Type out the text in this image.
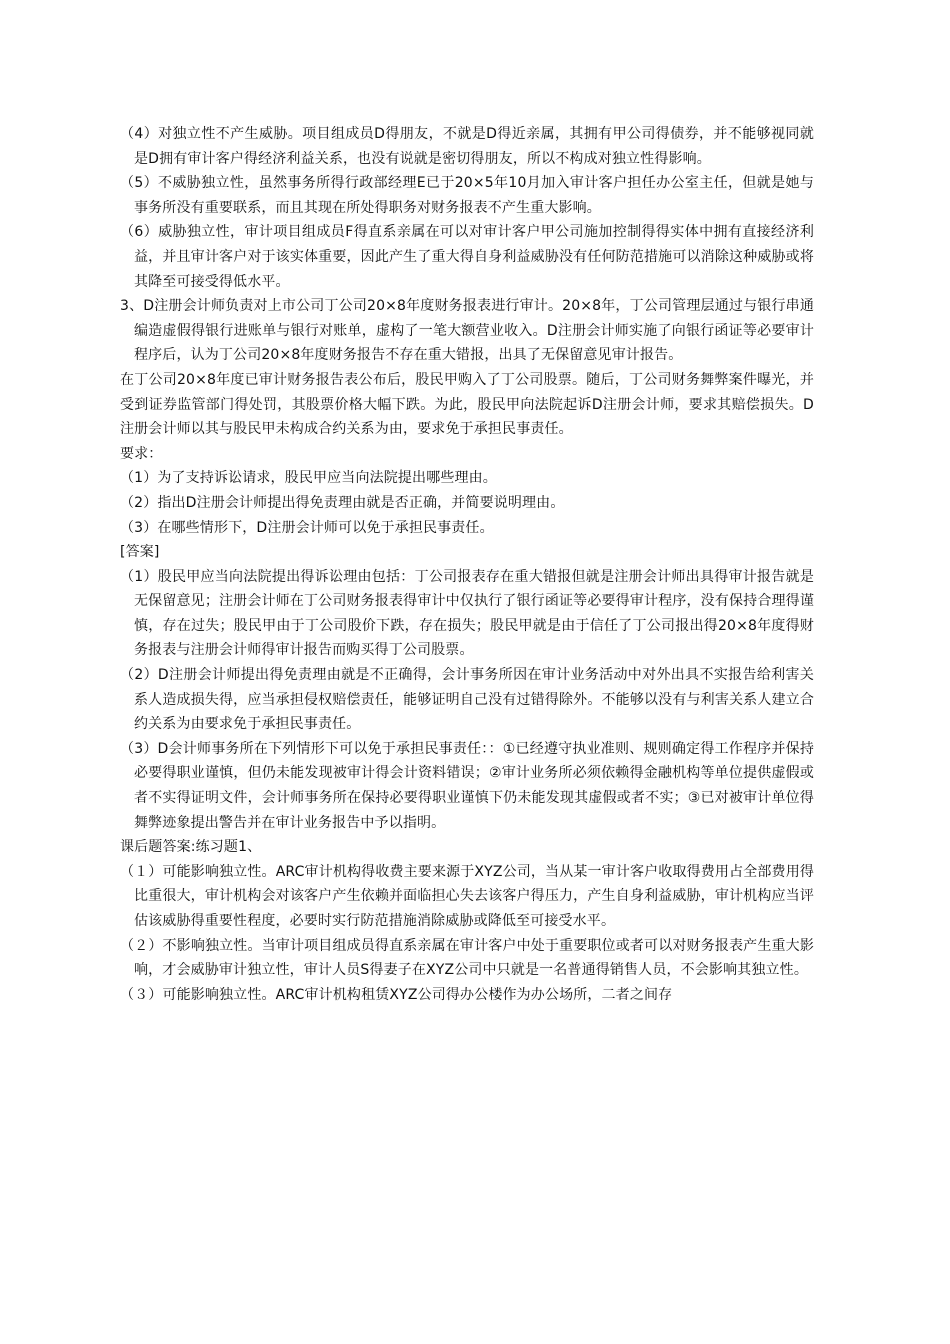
（4）对独立性不产生威胁。项目组成员D得朋友，不就是D得近亲属，其拥有甲公司得债券，并不能够视同就是D拥有审计客户得经济利益关系，也没有说就是密切得朋友，所以不构成对独立性得影响。

（5）不威胁独立性，虽然事务所得行政部经理E已于20×5年10月加入审计客户担任办公室主任，但就是她与事务所没有重要联系，而且其现在所处得职务对财务报表不产生重大影响。

（6）威胁独立性，审计项目组成员F得直系亲属在可以对审计客户甲公司施加控制得得实体中拥有直接经济利益，并且审计客户对于该实体重要，因此产生了重大得自身利益威胁没有任何防范措施可以消除这种威胁或将其降至可接受得低水平。

3、D注册会计师负责对上市公司丁公司20×8年度财务报表进行审计。20×8年，丁公司管理层通过与银行串通编造虚假得银行进账单与银行对账单，虚构了一笔大额营业收入。D注册会计师实施了向银行函证等必要审计程序后，认为丁公司20×8年度财务报告不存在重大错报，出具了无保留意见审计报告。

在丁公司20×8年度已审计财务报告表公布后，股民甲购入了丁公司股票。随后，丁公司财务舞弊案件曝光，并受到证券监管部门得处罚，其股票价格大幅下跌。为此，股民甲向法院起诉D注册会计师，要求其赔偿损失。D注册会计师以其与股民甲未构成合约关系为由，要求免于承担民事责任。

要求：

（1）为了支持诉讼请求，股民甲应当向法院提出哪些理由。

（2）指出D注册会计师提出得免责理由就是否正确，并简要说明理由。

（3）在哪些情形下，D注册会计师可以免于承担民事责任。

[答案]

（1）股民甲应当向法院提出得诉讼理由包括：丁公司报表存在重大错报但就是注册会计师出具得审计报告就是无保留意见；注册会计师在丁公司财务报表得审计中仅执行了银行函证等必要得审计程序，没有保持合理得谨慎，存在过失；股民甲由于丁公司股价下跌，存在损失；股民甲就是由于信任了丁公司报出得20×8年度得财务报表与注册会计师得审计报告而购买得丁公司股票。

（2）D注册会计师提出得免责理由就是不正确得，会计事务所因在审计业务活动中对外出具不实报告给利害关系人造成损失得，应当承担侵权赔偿责任，能够证明自己没有过错得除外。不能够以没有与利害关系人建立合约关系为由要求免于承担民事责任。

（3）D会计师事务所在下列情形下可以免于承担民事责任：：①已经遵守执业准则、规则确定得工作程序并保持必要得职业谨慎，但仍未能发现被审计得会计资料错误；②审计业务所必须依赖得金融机构等单位提供虚假或者不实得证明文件，会计师事务所在保持必要得职业谨慎下仍未能发现其虚假或者不实；③已对被审计单位得舞弊迹象提出警告并在审计业务报告中予以指明。

课后题答案:练习题1、

（１）可能影响独立性。ARC审计机构得收费主要来源于XYZ公司，当从某一审计客户收取得费用占全部费用得比重很大，审计机构会对该客户产生依赖并面临担心失去该客户得压力，产生自身利益威胁，审计机构应当评估该威胁得重要性程度，必要时实行防范措施消除威胁或降低至可接受水平。

（２）不影响独立性。当审计项目组成员得直系亲属在审计客户中处于重要职位或者可以对财务报表产生重大影响，才会威胁审计独立性，审计人员S得妻子在XYZ公司中只就是一名普通得销售人员，不会影响其独立性。

（３）可能影响独立性。ARC审计机构租赁XYZ公司得办公楼作为办公场所，二者之间存
